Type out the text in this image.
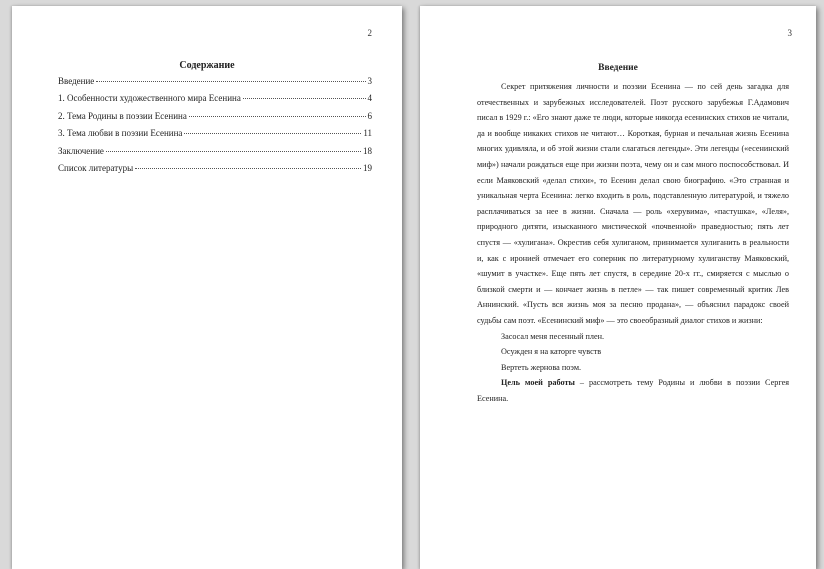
2
Содержание
Введение	3
1. Особенности художественного мира Есенина	4
2. Тема Родины в поэзии Есенина	6
3. Тема любви в поэзии Есенина	11
Заключение	18
Список литературы	19
3
Введение

Секрет притяжения личности и поэзии Есенина — по сей день загадка для отечественных и зарубежных исследователей. Поэт русского зарубежья Г.Адамович писал в 1929 г.: «Его знают даже те люди, которые никогда есенинских стихов не читали, да и вообще никаких стихов не читают… Короткая, бурная и печальная жизнь Есенина многих удивляла, и об этой жизни стали слагаться легенды». Эти легенды («есенинский миф») начали рождаться еще при жизни поэта, чему он и сам много поспособствовал. И если Маяковский «делал стихи», то Есенин делал свою биографию. «Это странная и уникальная черта Есенина: легко входить в роль, подставленную литературой, и тяжело расплачиваться за нее в жизни. Сначала — роль «херувима», «пастушка», «Леля», природного дитяти, изысканного мистической «почвенной» праведностью; пять лет спустя — «хулигана». Окрестив себя хулиганом, принимается хулиганить в реальности и, как с иронией отмечает его соперник по литературному хулиганству Маяковский, «шумит в участке». Еще пять лет спустя, в середине 20-х гг., смиряется с мыслью о близкой смерти и — кончает жизнь в петле» — так пишет современный критик Лев Аннинский. «Пусть вся жизнь моя за песню продана», — объяснил парадокс своей судьбы сам поэт. «Есенинский миф» — это своеобразный диалог стихов и жизни:

Засосал меня песенный плен.

Осужден я на каторге чувств

Вертеть жернова поэм.

Цель моей работы – рассмотреть тему Родины и любви в поэзии Сергея Есенина.
